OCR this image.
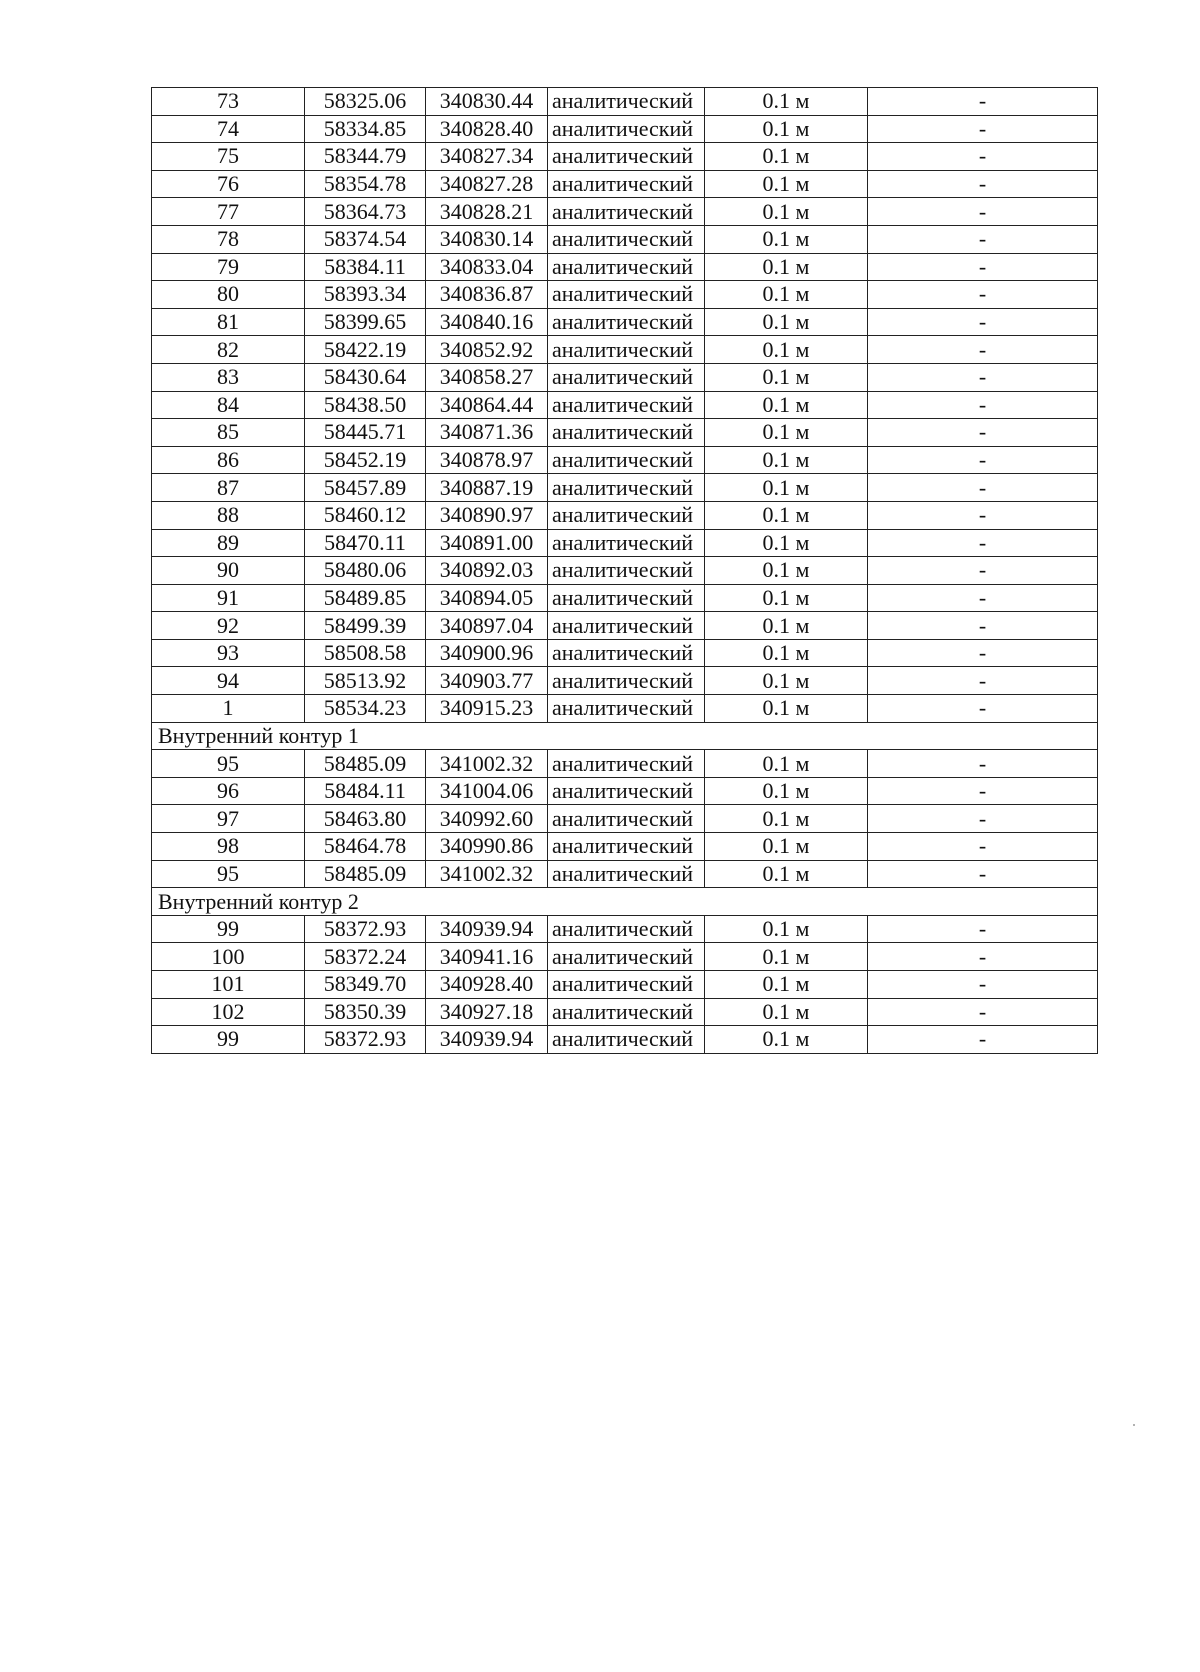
73	58325.06	340830.44	аналитический	0.1 м	-
74	58334.85	340828.40	аналитический	0.1 м	-
75	58344.79	340827.34	аналитический	0.1 м	-
76	58354.78	340827.28	аналитический	0.1 м	-
77	58364.73	340828.21	аналитический	0.1 м	-
78	58374.54	340830.14	аналитический	0.1 м	-
79	58384.11	340833.04	аналитический	0.1 м	-
80	58393.34	340836.87	аналитический	0.1 м	-
81	58399.65	340840.16	аналитический	0.1 м	-
82	58422.19	340852.92	аналитический	0.1 м	-
83	58430.64	340858.27	аналитический	0.1 м	-
84	58438.50	340864.44	аналитический	0.1 м	-
85	58445.71	340871.36	аналитический	0.1 м	-
86	58452.19	340878.97	аналитический	0.1 м	-
87	58457.89	340887.19	аналитический	0.1 м	-
88	58460.12	340890.97	аналитический	0.1 м	-
89	58470.11	340891.00	аналитический	0.1 м	-
90	58480.06	340892.03	аналитический	0.1 м	-
91	58489.85	340894.05	аналитический	0.1 м	-
92	58499.39	340897.04	аналитический	0.1 м	-
93	58508.58	340900.96	аналитический	0.1 м	-
94	58513.92	340903.77	аналитический	0.1 м	-
1	58534.23	340915.23	аналитический	0.1 м	-
Внутренний контур 1					
95	58485.09	341002.32	аналитический	0.1 м	-
96	58484.11	341004.06	аналитический	0.1 м	-
97	58463.80	340992.60	аналитический	0.1 м	-
98	58464.78	340990.86	аналитический	0.1 м	-
95	58485.09	341002.32	аналитический	0.1 м	-
Внутренний контур 2					
99	58372.93	340939.94	аналитический	0.1 м	-
100	58372.24	340941.16	аналитический	0.1 м	-
101	58349.70	340928.40	аналитический	0.1 м	-
102	58350.39	340927.18	аналитический	0.1 м	-
99	58372.93	340939.94	аналитический	0.1 м	-
